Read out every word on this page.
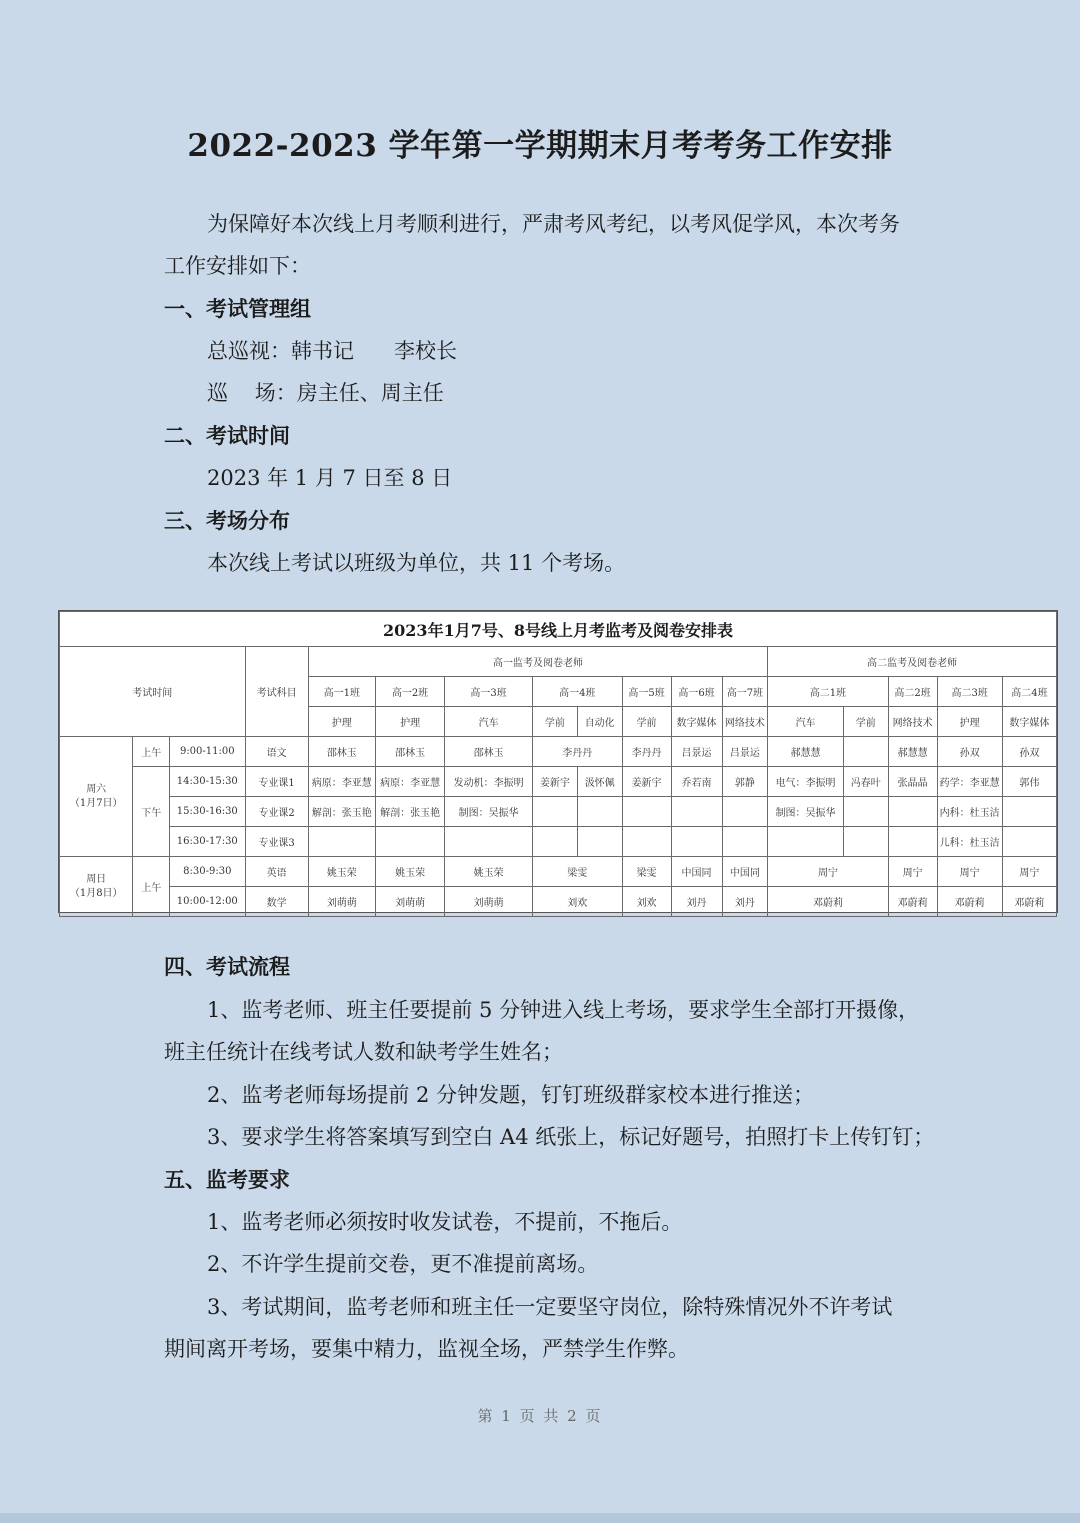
2022-2023 学年第一学期期末月考考务工作安排
为保障好本次线上月考顺利进行，严肃考风考纪，以考风促学风，本次考务
工作安排如下：
一、考试管理组
总巡视：韩书记      李校长
巡    场：房主任、周主任
二、考试时间
2023 年 1 月 7 日至 8 日
三、考场分布
本次线上考试以班级为单位，共 11 个考场。
2023年1月7号、8号线上月考监考及阅卷安排表																
考试时间			考试科目	高一监考及阅卷老师								高二监考及阅卷老师				
				高一1班	高一2班	高一3班	高一4班		高一5班	高一6班	高一7班	高二1班		高二2班	高二3班	高二4班
				护理	护理	汽车	学前	自动化	学前	数字媒体	网络技术	汽车	学前	网络技术	护理	数字媒体
周六
（1月7日）	上午	9:00-11:00	语文	邵林玉	邵林玉	邵林玉	李丹丹		李丹丹	吕景运	吕景运	郝慧慧		郝慧慧	孙双	孙双
	下午	14:30-15:30	专业课1	病原：李亚慧	病原：李亚慧	发动机：李振明	姜新宇	汲怀佩	姜新宇	乔若南	郭静	电气：李振明	冯春叶	张晶晶	药学：李亚慧	郭伟
		15:30-16:30	专业课2	解剖：张玉艳	解剖：张玉艳	制图：吴振华						制图：吴振华			内科：杜玉洁	
		16:30-17:30	专业课3												儿科：杜玉洁	
周日
（1月8日）	上午	8:30-9:30	英语	姚玉荣	姚玉荣	姚玉荣	梁雯		梁雯	中国同	中国同	周宁		周宁	周宁	周宁
		10:00-12:00	数学	刘萌萌	刘萌萌	刘萌萌	刘欢		刘欢	刘丹	刘丹	邓蔚莉		邓蔚莉	邓蔚莉	邓蔚莉
四、考试流程
1、监考老师、班主任要提前 5 分钟进入线上考场，要求学生全部打开摄像，
班主任统计在线考试人数和缺考学生姓名；
2、监考老师每场提前 2 分钟发题，钉钉班级群家校本进行推送；
3、要求学生将答案填写到空白 A4 纸张上，标记好题号，拍照打卡上传钉钉；
五、监考要求
1、监考老师必须按时收发试卷，不提前，不拖后。
2、不许学生提前交卷，更不准提前离场。
3、考试期间，监考老师和班主任一定要坚守岗位，除特殊情况外不许考试
期间离开考场，要集中精力，监视全场，严禁学生作弊。
第 1 页 共 2 页
